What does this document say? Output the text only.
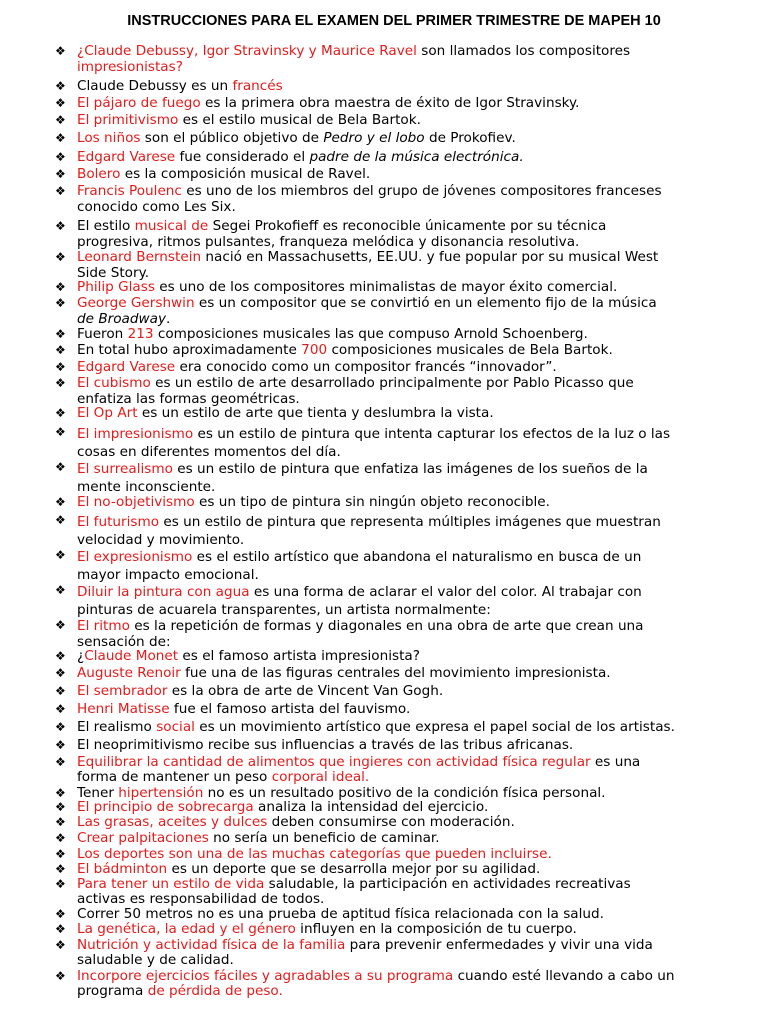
INSTRUCCIONES PARA EL EXAMEN DEL PRIMER TRIMESTRE DE MAPEH 10
❖ ¿Claude Debussy, Igor Stravinsky y Maurice Ravel son llamados los compositores
impresionistas?
❖ Claude Debussy es un francés
❖ El pájaro de fuego es la primera obra maestra de éxito de Igor Stravinsky.
❖ El primitivismo es el estilo musical de Bela Bartok.
❖ Los niños son el público objetivo de Pedro y el lobo de Prokofiev.
❖ Edgard Varese fue considerado el padre de la música electrónica.
❖ Bolero es la composición musical de Ravel.
❖ Francis Poulenc es uno de los miembros del grupo de jóvenes compositores franceses
conocido como Les Six.
❖ El estilo musical de Segei Prokofieff es reconocible únicamente por su técnica
progresiva, ritmos pulsantes, franqueza melódica y disonancia resolutiva.
❖ Leonard Bernstein nació en Massachusetts, EE.UU. y fue popular por su musical West
Side Story.
❖ Philip Glass es uno de los compositores minimalistas de mayor éxito comercial.
❖ George Gershwin es un compositor que se convirtió en un elemento fijo de la música
de Broadway.
❖ Fueron 213 composiciones musicales las que compuso Arnold Schoenberg.
❖ En total hubo aproximadamente 700 composiciones musicales de Bela Bartok.
❖ Edgard Varese era conocido como un compositor francés “innovador”.
❖ El cubismo es un estilo de arte desarrollado principalmente por Pablo Picasso que
enfatiza las formas geométricas.
❖ El Op Art es un estilo de arte que tienta y deslumbra la vista.
❖ El impresionismo es un estilo de pintura que intenta capturar los efectos de la luz o las
cosas en diferentes momentos del día.
❖ El surrealismo es un estilo de pintura que enfatiza las imágenes de los sueños de la
mente inconsciente.
❖ El no-objetivismo es un tipo de pintura sin ningún objeto reconocible.
❖ El futurismo es un estilo de pintura que representa múltiples imágenes que muestran
velocidad y movimiento.
❖ El expresionismo es el estilo artístico que abandona el naturalismo en busca de un
mayor impacto emocional.
❖ Diluir la pintura con agua es una forma de aclarar el valor del color. Al trabajar con
pinturas de acuarela transparentes, un artista normalmente:
❖ El ritmo es la repetición de formas y diagonales en una obra de arte que crean una
sensación de:
❖ ¿Claude Monet es el famoso artista impresionista?
❖ Auguste Renoir fue una de las figuras centrales del movimiento impresionista.
❖ El sembrador es la obra de arte de Vincent Van Gogh.
❖ Henri Matisse fue el famoso artista del fauvismo.
❖ El realismo social es un movimiento artístico que expresa el papel social de los artistas.
❖ El neoprimitivismo recibe sus influencias a través de las tribus africanas.
❖ Equilibrar la cantidad de alimentos que ingieres con actividad física regular es una
forma de mantener un peso corporal ideal.
❖ Tener hipertensión no es un resultado positivo de la condición física personal.
❖ El principio de sobrecarga analiza la intensidad del ejercicio.
❖ Las grasas, aceites y dulces deben consumirse con moderación.
❖ Crear palpitaciones no sería un beneficio de caminar.
❖ Los deportes son una de las muchas categorías que pueden incluirse.
❖ El bádminton es un deporte que se desarrolla mejor por su agilidad.
❖ Para tener un estilo de vida saludable, la participación en actividades recreativas
activas es responsabilidad de todos.
❖ Correr 50 metros no es una prueba de aptitud física relacionada con la salud.
❖ La genética, la edad y el género influyen en la composición de tu cuerpo.
❖ Nutrición y actividad física de la familia para prevenir enfermedades y vivir una vida
saludable y de calidad.
❖ Incorpore ejercicios fáciles y agradables a su programa cuando esté llevando a cabo un
programa de pérdida de peso.
